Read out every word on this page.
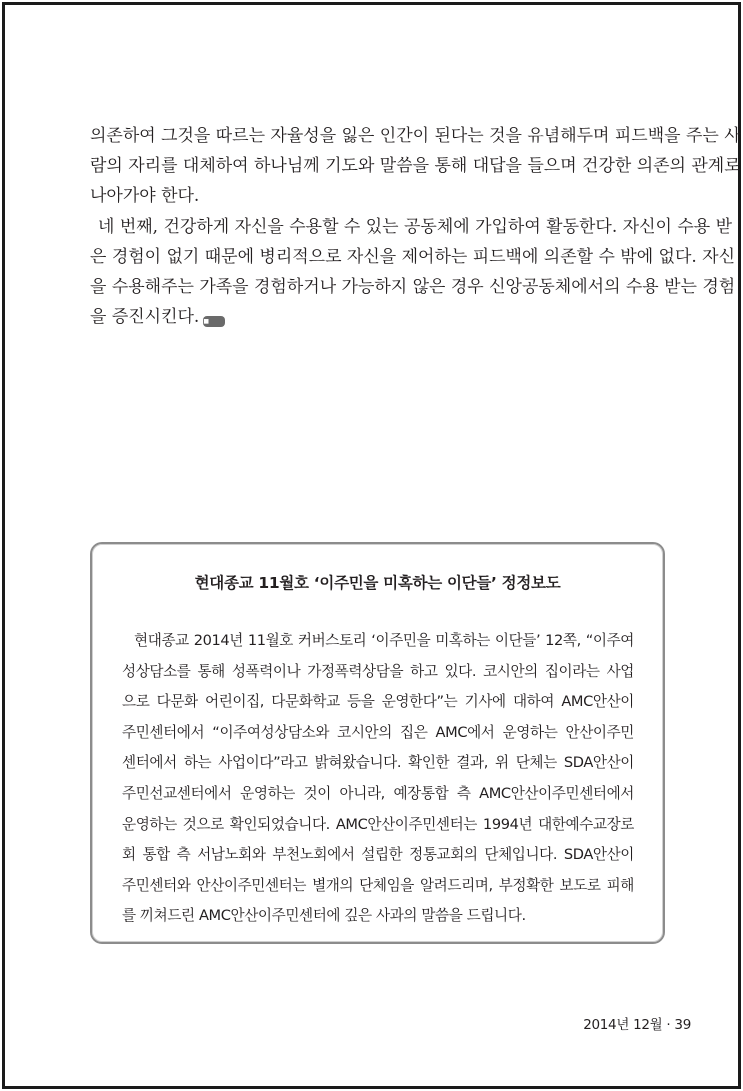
의존하여 그것을 따르는 자율성을 잃은 인간이 된다는 것을 유념해두며 피드백을 주는 사
람의 자리를 대체하여 하나님께 기도와 말씀을 통해 대답을 들으며 건강한 의존의 관계로
나아가야 한다.
네 번째, 건강하게 자신을 수용할 수 있는 공동체에 가입하여 활동한다. 자신이 수용 받
은 경험이 없기 때문에 병리적으로 자신을 제어하는 피드백에 의존할 수 밖에 없다. 자신
을 수용해주는 가족을 경험하거나 가능하지 않은 경우 신앙공동체에서의 수용 받는 경험
을 증진시킨다. ■
현대종교 11월호 ‘이주민을 미혹하는 이단들’ 정정보도
현대종교 2014년 11월호 커버스토리 ‘이주민을 미혹하는 이단들’ 12쪽, “이주여
성상담소를 통해 성폭력이나 가정폭력상담을 하고 있다. 코시안의 집이라는 사업
으로 다문화 어린이집, 다문화학교 등을 운영한다”는 기사에 대하여 AMC안산이
주민센터에서 “이주여성상담소와 코시안의 집은 AMC에서 운영하는 안산이주민
센터에서 하는 사업이다”라고 밝혀왔습니다. 확인한 결과, 위 단체는 SDA안산이
주민선교센터에서 운영하는 것이 아니라, 예장통합 측 AMC안산이주민센터에서
운영하는 것으로 확인되었습니다. AMC안산이주민센터는 1994년 대한예수교장로
회 통합 측 서남노회와 부천노회에서 설립한 정통교회의 단체입니다. SDA안산이
주민센터와 안산이주민센터는 별개의 단체임을 알려드리며, 부정확한 보도로 피해
를 끼쳐드린 AMC안산이주민센터에 깊은 사과의 말씀을 드립니다.
2014년 12월 · 39
